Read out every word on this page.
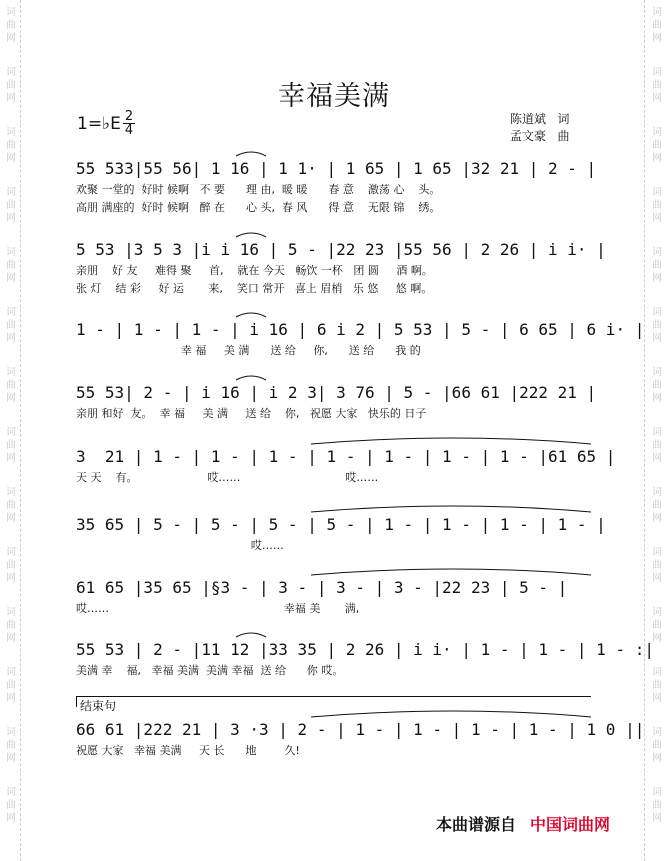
词
曲
网
词
曲
网
词
曲
网
词
曲
网
词
曲
网
词
曲
网
词
曲
网
词
曲
网
词
曲
网
词
曲
网
词
曲
网
词
曲
网
词
曲
网
词
曲
网
词
曲
网
词
曲
网
词
曲
网
词
曲
网
词
曲
网
词
曲
网
词
曲
网
词
曲
网
词
曲
网
词
曲
网
词
曲
网
词
曲
网
词
曲
网
词
曲
网
幸福美满
1=♭E 2
4
陈道斌 词
孟文豪 曲
55 533|55 56| 1 16 | 1 1· | 1 65 | 1 65 |32 21 | 2 - |
欢聚 一堂的  好时 候啊   不 要      理 由,  暖 暖      春 意    激荡 心    头。
高朋 满座的  好时 候啊   醉 在      心 头,  春 风      得 意    无限 锦    绣。
5 53 |3 5 3 |i i 16 | 5 - |22 23 |55 56 | 2 26 | i i· |
亲朋    好 友     难得 聚     首,    就在 今天   畅饮 一杯   团 圆     酒 啊。
张 灯    结 彩     好 运       来,    笑口 常开   喜上 眉梢   乐 悠     悠 啊。
1 - | 1 - | 1 - | i 16 | 6 i 2 | 5 53 | 5 - | 6 65 | 6 i· |
幸 福     美 满      送 给     你,      送 给      我 的
55 53| 2 - | i 16 | i 2 3| 3 76 | 5 - |66 61 |222 21 |
亲朋 和好  友。  幸 福     美 满     送 给    你,   祝愿 大家   快乐的 日子
3  21 | 1 - | 1 - | 1 - | 1 - | 1 - | 1 - | 1 - |61 65 |
天 天    有。                    哎……                              哎……
35 65 | 5 - | 5 - | 5 - | 5 - | 1 - | 1 - | 1 - | 1 - |
哎……
61 65 |35 65 |§3 - | 3 - | 3 - | 3 - |22 23 | 5 - |
哎……                                                  幸福 美       满,
55 53 | 2 - |11 12 |33 35 | 2 26 | i i· | 1 - | 1 - | 1 - :|
美满 幸    福,   幸福 美满  美满 幸福  送 给      你 哎。
66 61 |222 21 | 3 ·3 | 2 - | 1 - | 1 - | 1 - | 1 - | 1 0 ||
祝愿 大家   幸福 美满     天 长      地        久!
结束句
本曲谱源自 中国词曲网
